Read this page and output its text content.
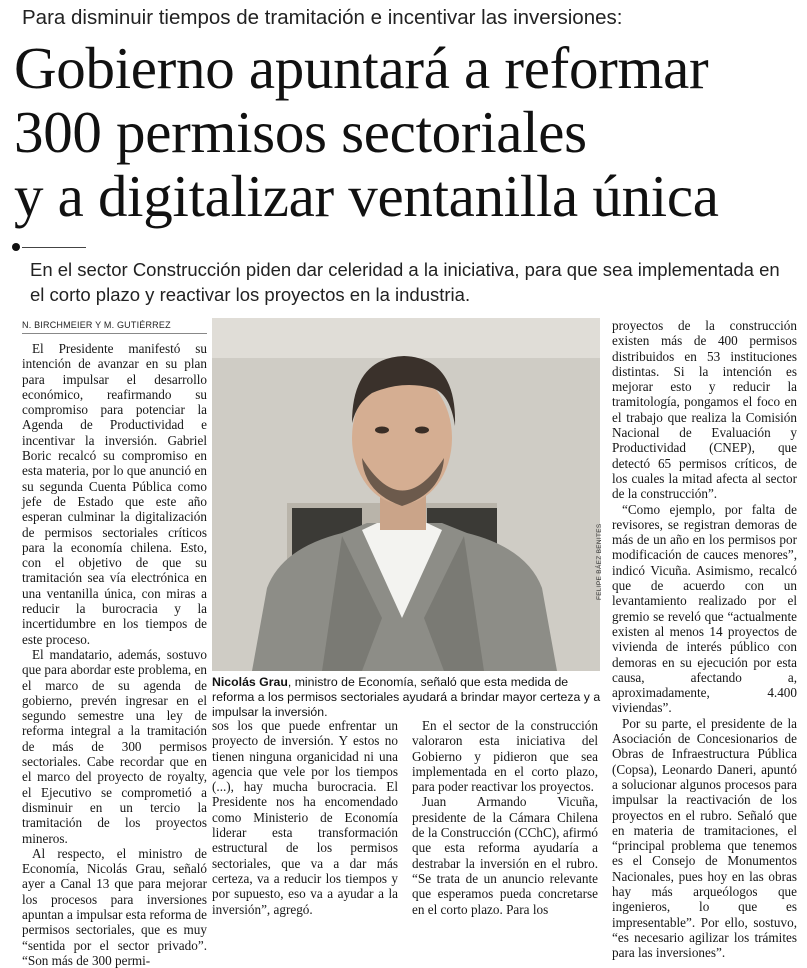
Para disminuir tiempos de tramitación e incentivar las inversiones:
Gobierno apuntará a reformar
300 permisos sectoriales
y a digitalizar ventanilla única
En el sector Construcción piden dar celeridad a la iniciativa, para que sea implementada en el corto plazo y reactivar los proyectos en la industria.
N. BIRCHMEIER Y M. GUTIÉRREZ

El Presidente manifestó su intención de avanzar en su plan para impulsar el desarrollo económico, reafirmando su compromiso para potenciar la Agenda de Productividad e incentivar la inversión. Gabriel Boric recalcó su compromiso en esta materia, por lo que anunció en su segunda Cuenta Pública como jefe de Estado que este año esperan culminar la digitalización de permisos sectoriales críticos para la economía chilena. Esto, con el objetivo de que su tramitación sea vía electrónica en una ventanilla única, con miras a reducir la burocracia y la incertidumbre en los tiempos de este proceso.

El mandatario, además, sostuvo que para abordar este problema, en el marco de su agenda de gobierno, prevén ingresar en el segundo semestre una ley de reforma integral a la tramitación de más de 300 permisos sectoriales. Cabe recordar que en el marco del proyecto de royalty, el Ejecutivo se comprometió a disminuir en un tercio la tramitación de los proyectos mineros.

Al respecto, el ministro de Economía, Nicolás Grau, señaló ayer a Canal 13 que para mejorar los procesos para inversiones apuntan a impulsar esta reforma de permisos sectoriales, que es muy “sentida por el sector privado”. “Son más de 300 permi-

FELIPE BÁEZ BENITES
Nicolás Grau, ministro de Economía, señaló que esta medida de reforma a los permisos sectoriales ayudará a brindar mayor certeza y a impulsar la inversión.

sos los que puede enfrentar un proyecto de inversión. Y estos no tienen ninguna organicidad ni una agencia que vele por los tiempos (...), hay mucha burocracia. El Presidente nos ha encomendado como Ministerio de Economía liderar esta transformación estructural de los permisos sectoriales, que va a dar más certeza, va a reducir los tiempos y por supuesto, eso va a ayudar a la inversión”, agregó.

En el sector de la construcción valoraron esta iniciativa del Gobierno y pidieron que sea implementada en el corto plazo, para poder reactivar los proyectos.

Juan Armando Vicuña, presidente de la Cámara Chilena de la Construcción (CChC), afirmó que esta reforma ayudaría a destrabar la inversión en el rubro. “Se trata de un anuncio relevante que esperamos pueda concretarse en el corto plazo. Para los

proyectos de la construcción existen más de 400 permisos distribuidos en 53 instituciones distintas. Si la intención es mejorar esto y reducir la tramitología, pongamos el foco en el trabajo que realiza la Comisión Nacional de Evaluación y Productividad (CNEP), que detectó 65 permisos críticos, de los cuales la mitad afecta al sector de la construcción”.

“Como ejemplo, por falta de revisores, se registran demoras de más de un año en los permisos por modificación de cauces menores”, indicó Vicuña. Asimismo, recalcó que de acuerdo con un levantamiento realizado por el gremio se reveló que “actualmente existen al menos 14 proyectos de vivienda de interés público con demoras en su ejecución por esta causa, afectando a, aproximadamente, 4.400 viviendas”.

Por su parte, el presidente de la Asociación de Concesionarios de Obras de Infraestructura Pública (Copsa), Leonardo Daneri, apuntó a solucionar algunos procesos para impulsar la reactivación de los proyectos en el rubro. Señaló que en materia de tramitaciones, el “principal problema que tenemos es el Consejo de Monumentos Nacionales, pues hoy en las obras hay más arqueólogos que ingenieros, lo que es impresentable”. Por ello, sostuvo, “es necesario agilizar los trámites para las inversiones”.
